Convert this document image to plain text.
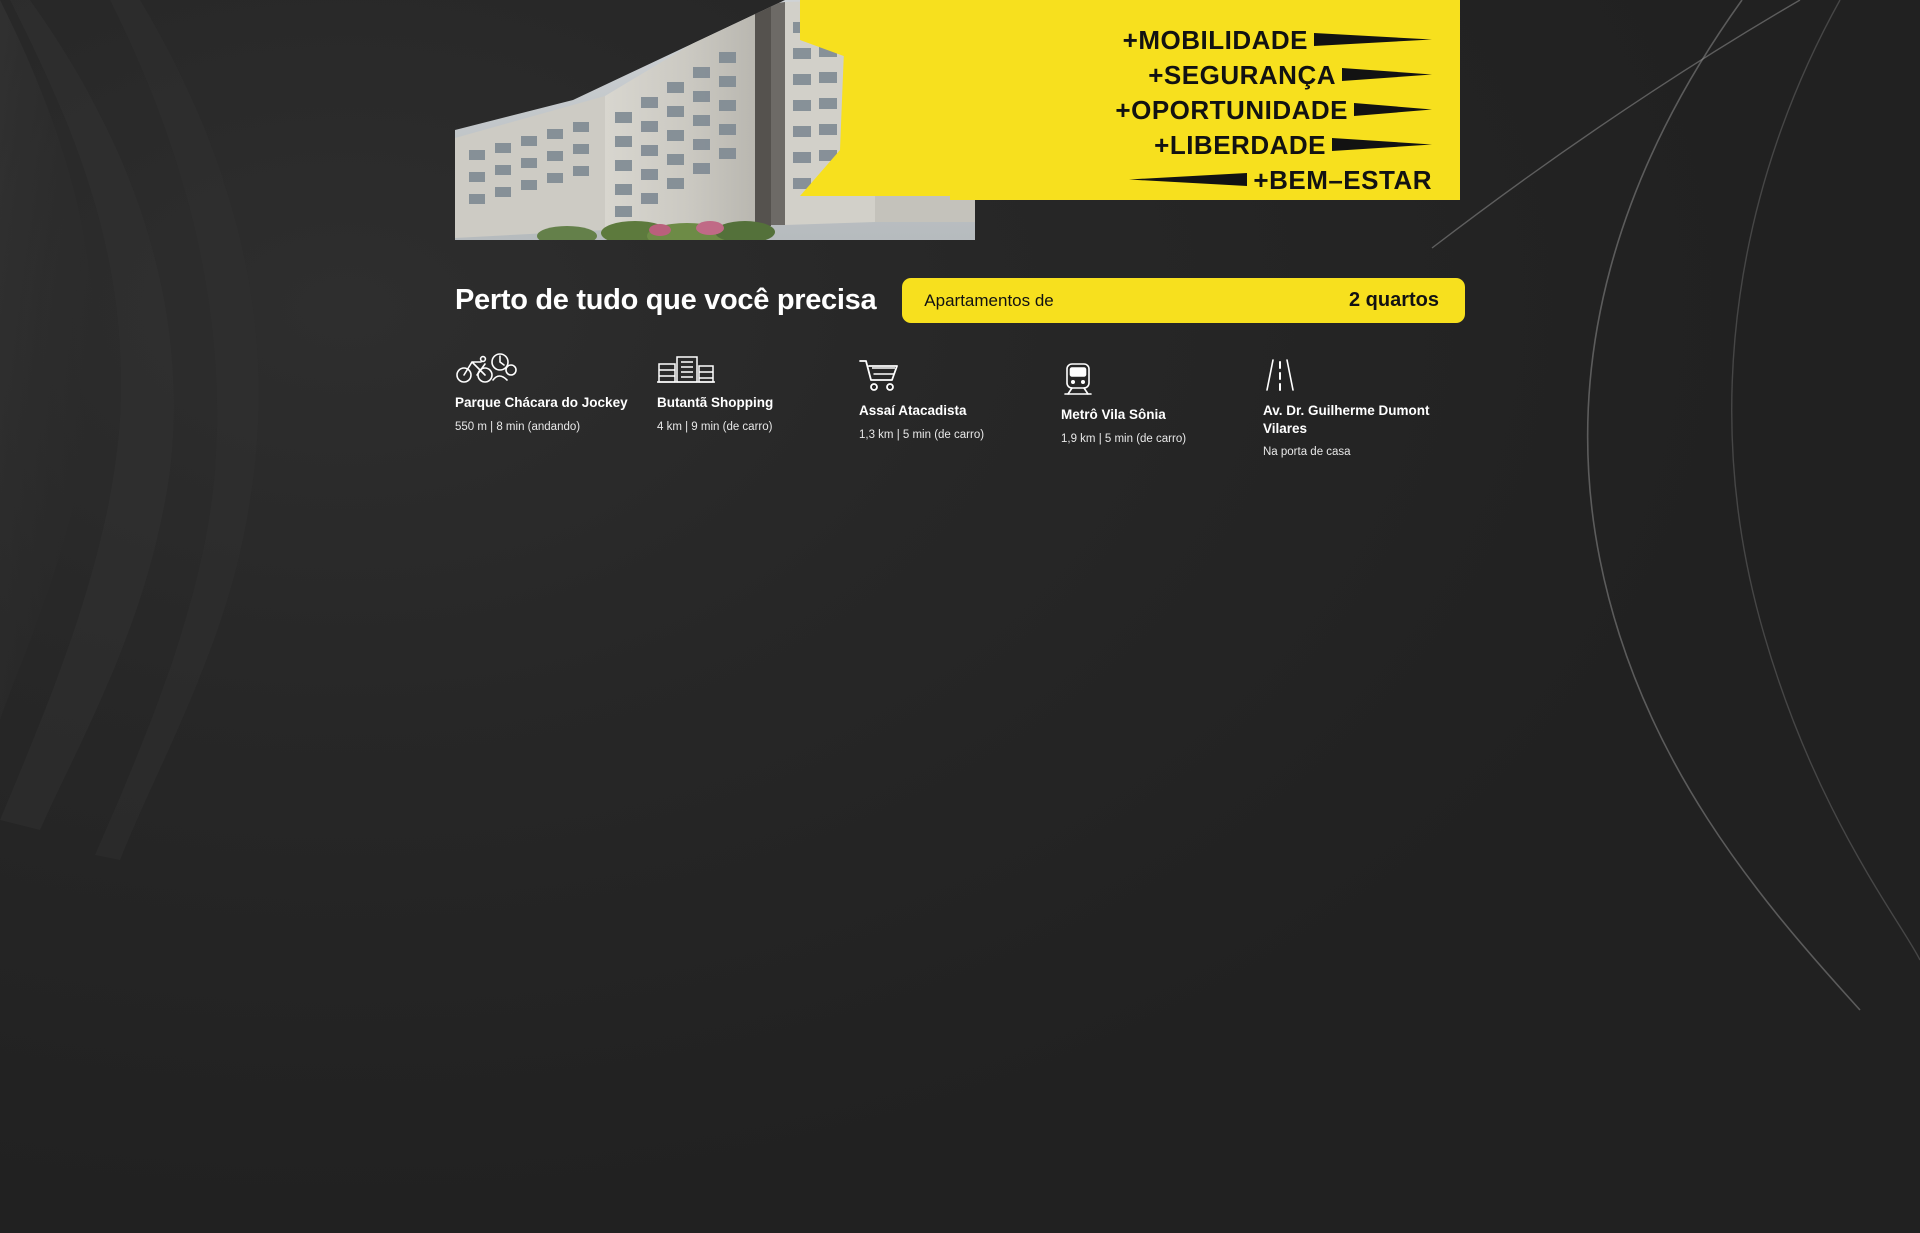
+MOBILIDADE
+SEGURANÇA
+OPORTUNIDADE
+LIBERDADE
+BEM–ESTAR
Perto de tudo que você precisa	Apartamentos de	2 quartos
Parque Chácara do Jockey
550 m | 8 min (andando)
Butantã Shopping
4 km | 9 min (de carro)
Assaí Atacadista
1,3 km | 5 min (de carro)
Metrô Vila Sônia
1,9 km | 5 min (de carro)
Av. Dr. Guilherme Dumont Vilares
Na porta de casa
